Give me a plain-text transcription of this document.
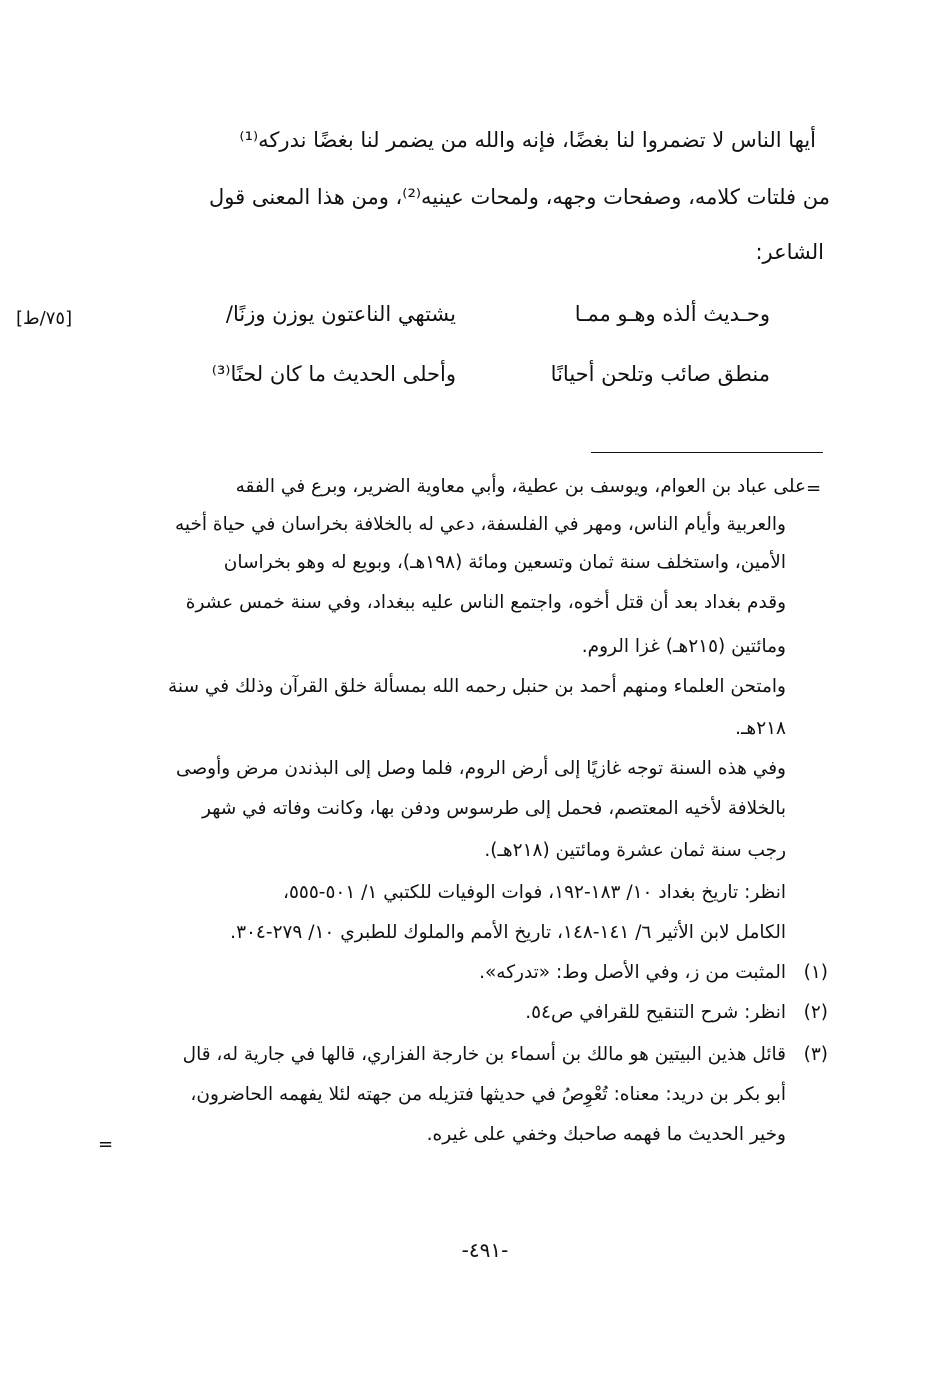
أيها الناس لا تضمروا لنا بغضًا، فإنه والله من يضمر لنا بغضًا ندركه⁽¹⁾
من فلتات كلامه، وصفحات وجهه، ولمحات عينيه⁽²⁾، ومن هذا المعنى قول
الشاعر:
وحـديث ألذه وهـو ممـا
يشتهي الناعتون يوزن وزنًا/
منطق صائب وتلحن أحيانًا
وأحلى الحديث ما كان لحنًا⁽³⁾
[٧٥/ط]
=
على عباد بن العوام، ويوسف بن عطية، وأبي معاوية الضرير، وبرع في الفقه
والعربية وأيام الناس، ومهر في الفلسفة، دعي له بالخلافة بخراسان في حياة أخيه
الأمين، واستخلف سنة ثمان وتسعين ومائة (١٩٨هـ)، وبويع له وهو بخراسان
وقدم بغداد بعد أن قتل أخوه، واجتمع الناس عليه ببغداد، وفي سنة خمس عشرة
ومائتين (٢١٥هـ) غزا الروم.
وامتحن العلماء ومنهم أحمد بن حنبل رحمه الله بمسألة خلق القرآن وذلك في سنة
٢١٨هـ.
وفي هذه السنة توجه غازيًا إلى أرض الروم، فلما وصل إلى البذندن مرض وأوصى
بالخلافة لأخيه المعتصم، فحمل إلى طرسوس ودفن بها، وكانت وفاته في شهر
رجب سنة ثمان عشرة ومائتين (٢١٨هـ).
انظر: تاريخ بغداد ١٠/ ١٨٣-١٩٢، فوات الوفيات للكتبي ١/ ٥٠١-٥٥٥،
الكامل لابن الأثير ٦/ ١٤١-١٤٨، تاريخ الأمم والملوك للطبري ١٠/ ٢٧٩-٣٠٤.
(١)
المثبت من ز، وفي الأصل وط: «تدركه».
(٢)
انظر: شرح التنقيح للقرافي ص٥٤.
(٣)
قائل هذين البيتين هو مالك بن أسماء بن خارجة الفزاري، قالها في جارية له، قال
أبو بكر بن دريد: معناه: تُعْوِصُ في حديثها فتزيله من جهته لئلا يفهمه الحاضرون،
وخير الحديث ما فهمه صاحبك وخفي على غيره.
=
-٤٩١-
